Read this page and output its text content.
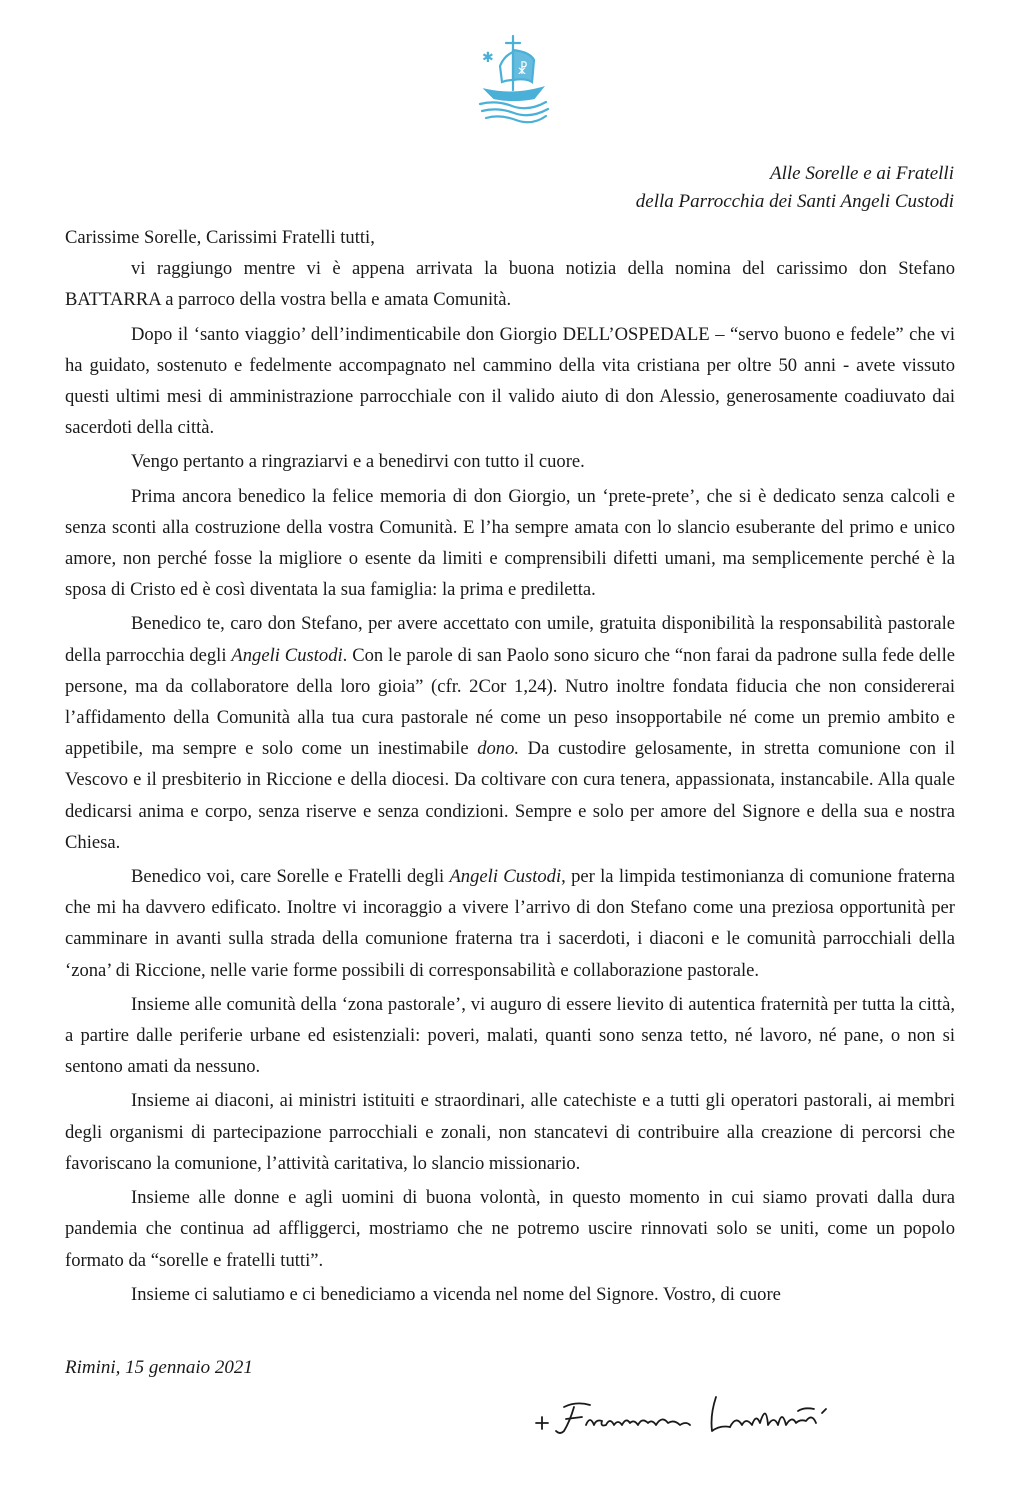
☧
✱
Alle Sorelle e ai Fratelli
della Parrocchia dei Santi Angeli Custodi

Carissime Sorelle, Carissimi Fratelli tutti,

vi raggiungo mentre vi è appena arrivata la buona notizia della nomina del carissimo don Stefano BATTARRA a parroco della vostra bella e amata Comunità.

Dopo il ‘santo viaggio’ dell’indimenticabile don Giorgio DELL’OSPEDALE – “servo buono e fedele” che vi ha guidato, sostenuto e fedelmente accompagnato nel cammino della vita cristiana per oltre 50 anni - avete vissuto questi ultimi mesi di amministrazione parrocchiale con il valido aiuto di don Alessio, generosamente coadiuvato dai sacerdoti della città.

Vengo pertanto a ringraziarvi e a benedirvi con tutto il cuore.

Prima ancora benedico la felice memoria di don Giorgio, un ‘prete-prete’, che si è dedicato senza calcoli e senza sconti alla costruzione della vostra Comunità. E l’ha sempre amata con lo slancio esuberante del primo e unico amore, non perché fosse la migliore o esente da limiti e comprensibili difetti umani, ma semplicemente perché è la sposa di Cristo ed è così diventata la sua famiglia: la prima e prediletta.

Benedico te, caro don Stefano, per avere accettato con umile, gratuita disponibilità la responsabilità pastorale della parrocchia degli Angeli Custodi. Con le parole di san Paolo sono sicuro che “non farai da padrone sulla fede delle persone, ma da collaboratore della loro gioia” (cfr. 2Cor 1,24). Nutro inoltre fondata fiducia che non considererai l’affidamento della Comunità alla tua cura pastorale né come un peso insopportabile né come un premio ambito e appetibile, ma sempre e solo come un inestimabile dono. Da custodire gelosamente, in stretta comunione con il Vescovo e il presbiterio in Riccione e della diocesi. Da coltivare con cura tenera, appassionata, instancabile. Alla quale dedicarsi anima e corpo, senza riserve e senza condizioni. Sempre e solo per amore del Signore e della sua e nostra Chiesa.

Benedico voi, care Sorelle e Fratelli degli Angeli Custodi, per la limpida testimonianza di comunione fraterna che mi ha davvero edificato. Inoltre vi incoraggio a vivere l’arrivo di don Stefano come una preziosa opportunità per camminare in avanti sulla strada della comunione fraterna tra i sacerdoti, i diaconi e le comunità parrocchiali della ‘zona’ di Riccione, nelle varie forme possibili di corresponsabilità e collaborazione pastorale.

Insieme alle comunità della ‘zona pastorale’, vi auguro di essere lievito di autentica fraternità per tutta la città, a partire dalle periferie urbane ed esistenziali: poveri, malati, quanti sono senza tetto, né lavoro, né pane, o non si sentono amati da nessuno.

Insieme ai diaconi, ai ministri istituiti e straordinari, alle catechiste e a tutti gli operatori pastorali, ai membri degli organismi di partecipazione parrocchiali e zonali, non stancatevi di contribuire alla creazione di percorsi che favoriscano la comunione, l’attività caritativa, lo slancio missionario.

Insieme alle donne e agli uomini di buona volontà, in questo momento in cui siamo provati dalla dura pandemia che continua ad affliggerci, mostriamo che ne potremo uscire rinnovati solo se uniti, come un popolo formato da “sorelle e fratelli tutti”.

Insieme ci salutiamo e ci benediciamo a vicenda nel nome del Signore. Vostro, di cuore

Rimini, 15 gennaio 2021
